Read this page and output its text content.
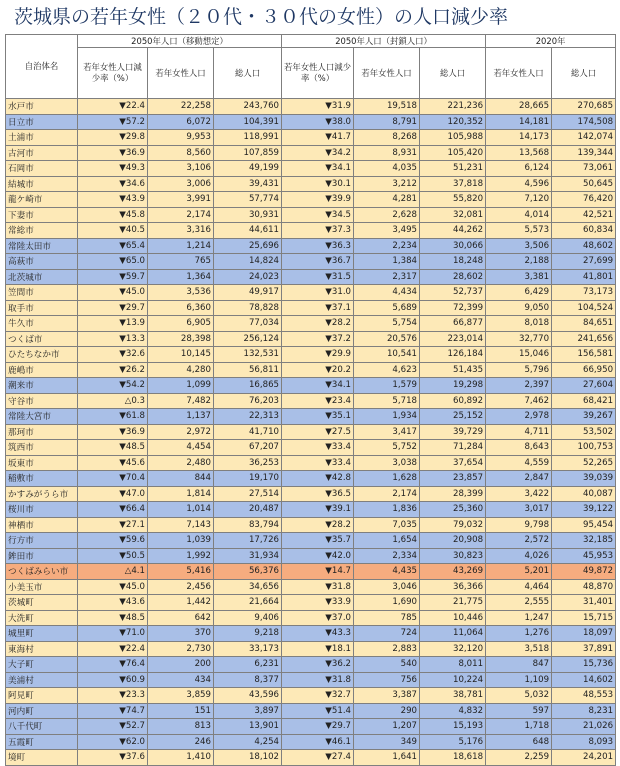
茨城県の若年女性（２０代・３０代の女性）の人口減少率
自治体名	2050年人口（移動想定）			2050年人口（封鎖人口）			2020年	
	若年女性人口減少率（%）	若年女性人口	総人口	若年女性人口減少率（%）	若年女性人口	総人口	若年女性人口	総人口
水戸市	▼22.4	22,258	243,760	▼31.9	19,518	221,236	28,665	270,685
日立市	▼57.2	6,072	104,391	▼38.0	8,791	120,352	14,181	174,508
土浦市	▼29.8	9,953	118,991	▼41.7	8,268	105,988	14,173	142,074
古河市	▼36.9	8,560	107,859	▼34.2	8,931	105,420	13,568	139,344
石岡市	▼49.3	3,106	49,199	▼34.1	4,035	51,231	6,124	73,061
結城市	▼34.6	3,006	39,431	▼30.1	3,212	37,818	4,596	50,645
龍ケ崎市	▼43.9	3,991	57,774	▼39.9	4,281	55,820	7,120	76,420
下妻市	▼45.8	2,174	30,931	▼34.5	2,628	32,081	4,014	42,521
常総市	▼40.5	3,316	44,611	▼37.3	3,495	44,262	5,573	60,834
常陸太田市	▼65.4	1,214	25,696	▼36.3	2,234	30,066	3,506	48,602
高萩市	▼65.0	765	14,824	▼36.7	1,384	18,248	2,188	27,699
北茨城市	▼59.7	1,364	24,023	▼31.5	2,317	28,602	3,381	41,801
笠間市	▼45.0	3,536	49,917	▼31.0	4,434	52,737	6,429	73,173
取手市	▼29.7	6,360	78,828	▼37.1	5,689	72,399	9,050	104,524
牛久市	▼13.9	6,905	77,034	▼28.2	5,754	66,877	8,018	84,651
つくば市	▼13.3	28,398	256,124	▼37.2	20,576	223,014	32,770	241,656
ひたちなか市	▼32.6	10,145	132,531	▼29.9	10,541	126,184	15,046	156,581
鹿嶋市	▼26.2	4,280	56,811	▼20.2	4,623	51,435	5,796	66,950
潮来市	▼54.2	1,099	16,865	▼34.1	1,579	19,298	2,397	27,604
守谷市	△0.3	7,482	76,203	▼23.4	5,718	60,892	7,462	68,421
常陸大宮市	▼61.8	1,137	22,313	▼35.1	1,934	25,152	2,978	39,267
那珂市	▼36.9	2,972	41,710	▼27.5	3,417	39,729	4,711	53,502
筑西市	▼48.5	4,454	67,207	▼33.4	5,752	71,284	8,643	100,753
坂東市	▼45.6	2,480	36,253	▼33.4	3,038	37,654	4,559	52,265
稲敷市	▼70.4	844	19,170	▼42.8	1,628	23,857	2,847	39,039
かすみがうら市	▼47.0	1,814	27,514	▼36.5	2,174	28,399	3,422	40,087
桜川市	▼66.4	1,014	20,487	▼39.1	1,836	25,360	3,017	39,122
神栖市	▼27.1	7,143	83,794	▼28.2	7,035	79,032	9,798	95,454
行方市	▼59.6	1,039	17,726	▼35.7	1,654	20,908	2,572	32,185
鉾田市	▼50.5	1,992	31,934	▼42.0	2,334	30,823	4,026	45,953
つくばみらい市	△4.1	5,416	56,376	▼14.7	4,435	43,269	5,201	49,872
小美玉市	▼45.0	2,456	34,656	▼31.8	3,046	36,366	4,464	48,870
茨城町	▼43.6	1,442	21,664	▼33.9	1,690	21,775	2,555	31,401
大洗町	▼48.5	642	9,406	▼37.0	785	10,446	1,247	15,715
城里町	▼71.0	370	9,218	▼43.3	724	11,064	1,276	18,097
東海村	▼22.4	2,730	33,173	▼18.1	2,883	32,120	3,518	37,891
大子町	▼76.4	200	6,231	▼36.2	540	8,011	847	15,736
美浦村	▼60.9	434	8,377	▼31.8	756	10,224	1,109	14,602
阿見町	▼23.3	3,859	43,596	▼32.7	3,387	38,781	5,032	48,553
河内町	▼74.7	151	3,897	▼51.4	290	4,832	597	8,231
八千代町	▼52.7	813	13,901	▼29.7	1,207	15,193	1,718	21,026
五霞町	▼62.0	246	4,254	▼46.1	349	5,176	648	8,093
境町	▼37.6	1,410	18,102	▼27.4	1,641	18,618	2,259	24,201
